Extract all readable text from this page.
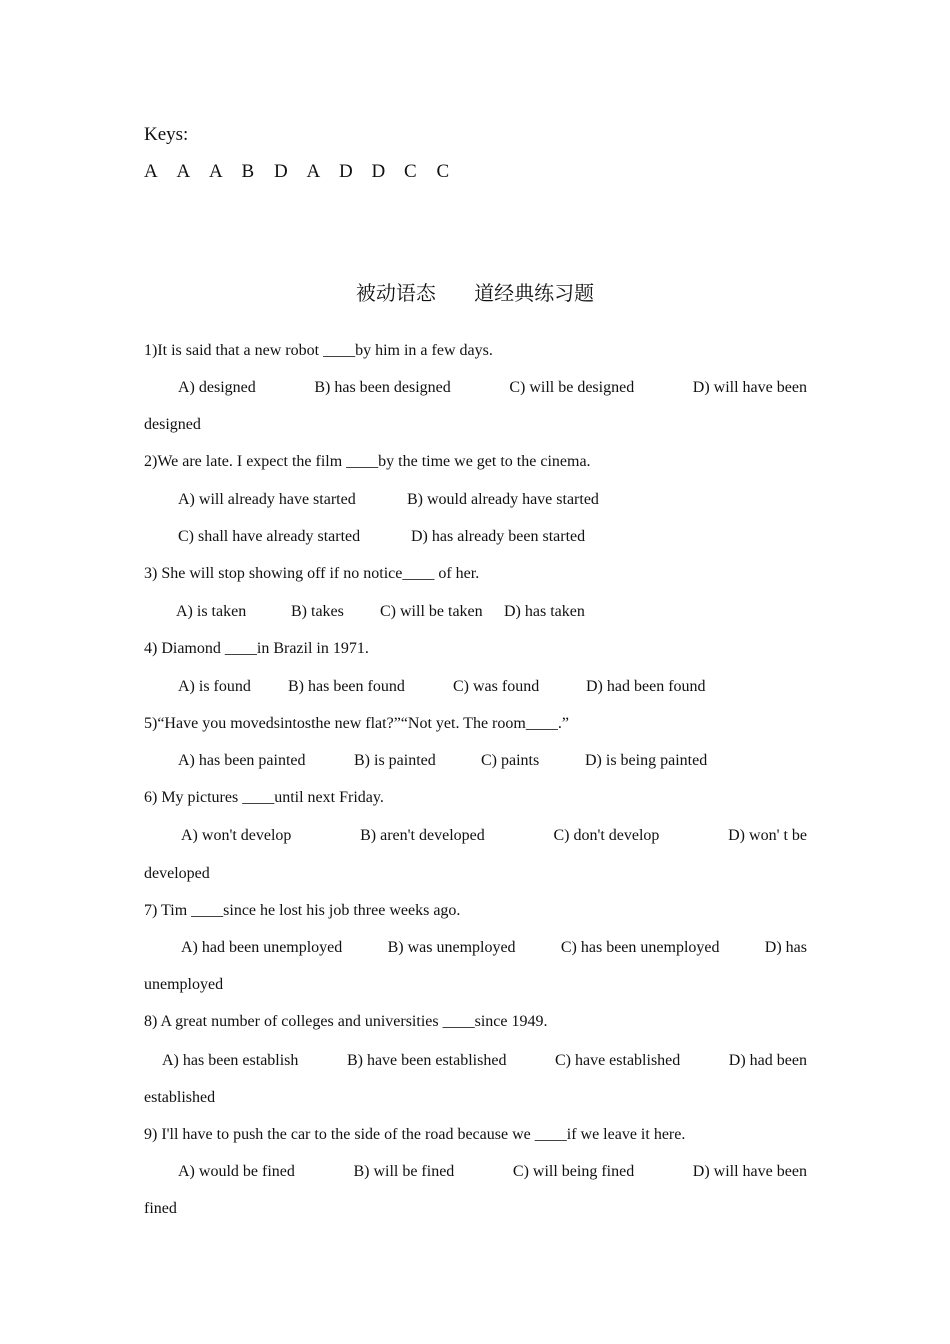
Keys:
A A A B	D A D D C	C
被动语态      道经典练习题
1)It is said that a new robot ____by him in a few days.
A) designed	B) has been designed	C) will be designed	D) will have been
designed
2)We are late. I expect the film ____by the time we get to the cinema.
A) will already have started	B) would already have started
C) shall have already started	D) has already been started
3) She will stop showing off if no notice____ of her.
A) is taken	B) takes	C) will be taken	D) has taken
4) Diamond ____in Brazil in 1971.
A) is found	B) has been found	C) was found	D) had been found
5)“Have you movedsintosthe new flat?”“Not yet. The room____.”
A) has been painted	B) is painted	C) paints	D) is being painted
6) My pictures ____until next Friday.
A) won't develop	B) aren't developed	C) don't develop	D) won' t be
developed
7) Tim ____since he lost his job three weeks ago.
A) had been unemployed	B) was unemployed	C) has been unemployed	D) has
unemployed
8) A great number of colleges and universities ____since 1949.
A) has been establish	B) have been established	C) have established	D) had been
established
9) I'll have to push the car to the side of the road because we ____if we leave it here.
A) would be fined	B) will be fined	C) will being fined	D) will have been
fined
